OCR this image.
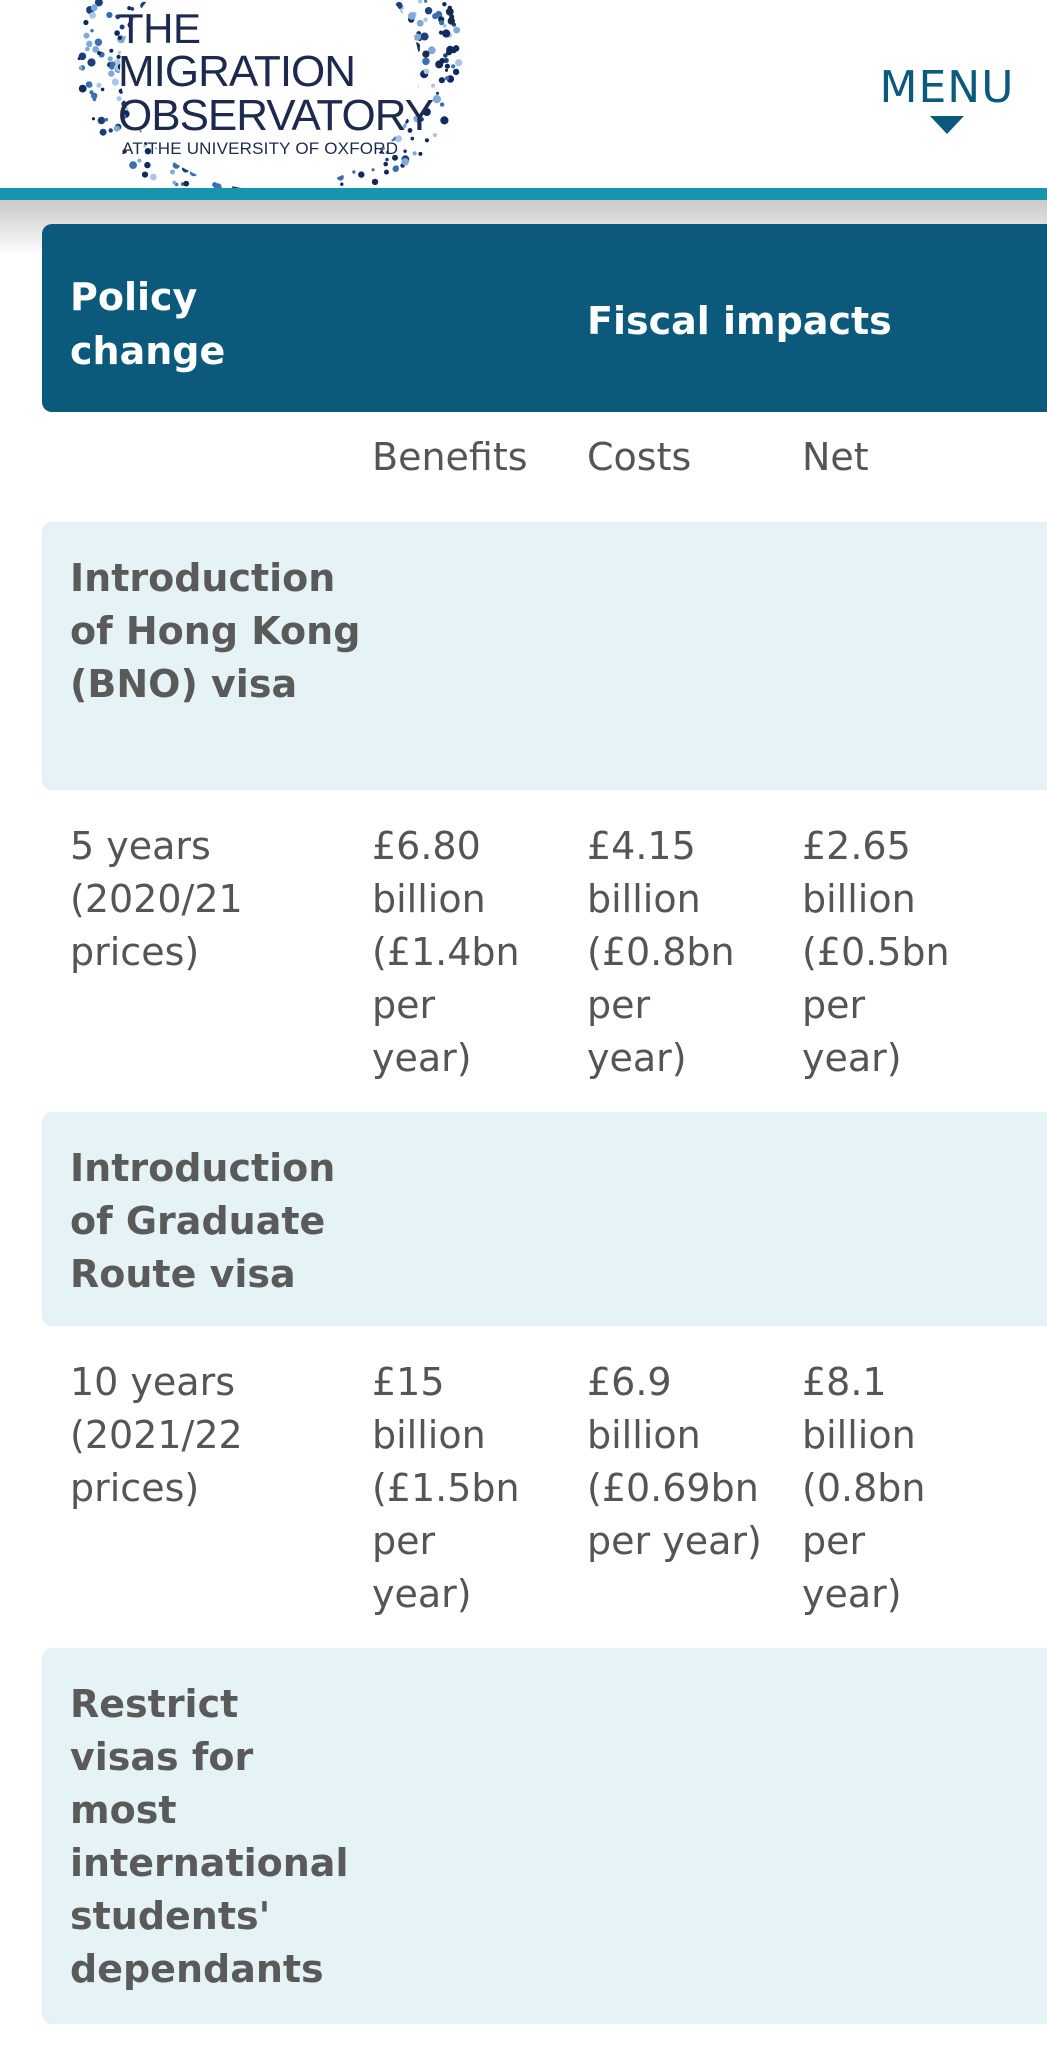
THE
MIGRATION
OBSERVATORY
AT THE UNIVERSITY OF OXFORD
MENU
Policy change
Fiscal impacts
Benefits Costs	Net
Introduction of Hong Kong (BNO) visa
5 years (2020/21 prices)
£6.80 billion (£1.4bn per year)
£4.15 billion (£0.8bn per year)
£2.65 billion (£0.5bn per year)
Introduction of Graduate Route visa
10 years (2021/22 prices)
£15 billion (£1.5bn per year)
£6.9 billion (£0.69bn per year)
£8.1 billion (0.8bn per year)
Restrict visas for most international students' dependants
